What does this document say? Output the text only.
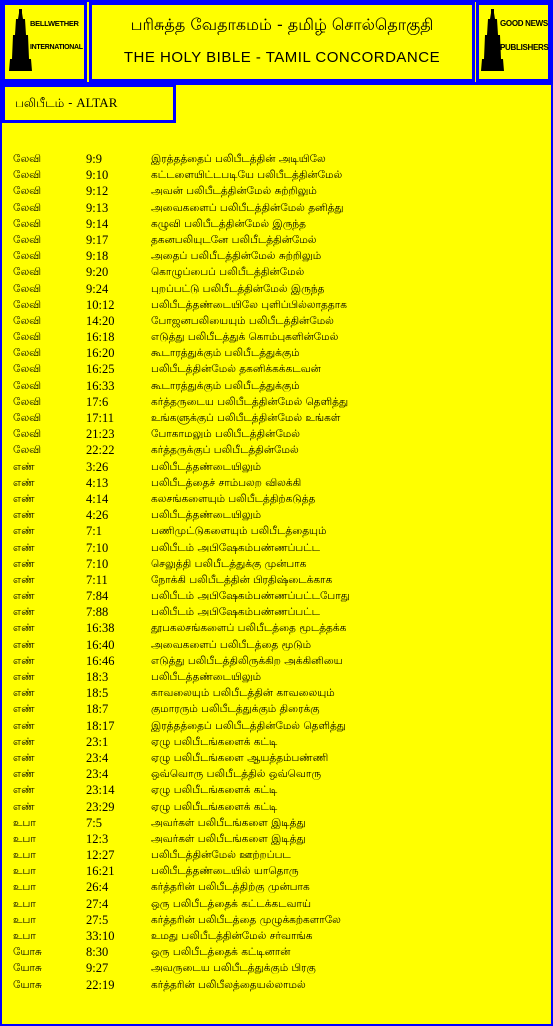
BELLWETHER
INTERNATIONAL
பரிசுத்த வேதாகமம் - தமிழ் சொல்தொகுதி
THE HOLY BIBLE - TAMIL CONCORDANCE
GOOD NEWS
PUBLISHERS
பலிபீடம் - ALTAR
லேவி	9:9	இரத்தத்தைப் பலிபீடத்தின் அடியிலே
லேவி	9:10	கட்டளையிட்டபடியே பலிபீடத்தின்மேல்
லேவி	9:12	அவன் பலிபீடத்தின்மேல் சுற்றிலும்
லேவி	9:13	அவைகளைப் பலிபீடத்தின்மேல் தனித்து
லேவி	9:14	கழுவி பலிபீடத்தின்மேல் இருந்த
லேவி	9:17	தகனபலியுடனே பலிபீடத்தின்மேல்
லேவி	9:18	அதைப் பலிபீடத்தின்மேல் சுற்றிலும்
லேவி	9:20	கொழுப்பைப் பலிபீடத்தின்மேல்
லேவி	9:24	புறப்பட்டு பலிபீடத்தின்மேல் இருந்த
லேவி	10:12	பலிபீடத்தண்டையிலே புளிப்பில்லாததாக
லேவி	14:20	போஜனபலியையும் பலிபீடத்தின்மேல்
லேவி	16:18	எடுத்து பலிபீடத்துக் கொம்புகளின்மேல்
லேவி	16:20	கூடாரத்துக்கும் பலிபீடத்துக்கும்
லேவி	16:25	பலிபீடத்தின்மேல் தகனிக்கக்கடவன்
லேவி	16:33	கூடாரத்துக்கும் பலிபீடத்துக்கும்
லேவி	17:6	கர்த்தருடைய பலிபீடத்தின்மேல் தெளித்து
லேவி	17:11	உங்களுக்குப் பலிபீடத்தின்மேல் உங்கள்
லேவி	21:23	போகாமலும் பலிபீடத்தின்மேல்
லேவி	22:22	கர்த்தருக்குப் பலிபீடத்தின்மேல்
எண்	3:26	பலிபீடத்தண்டையிலும்
எண்	4:13	பலிபீடத்தைச் சாம்பலற விலக்கி
எண்	4:14	கலசங்களையும் பலிபீடத்திற்கடுத்த
எண்	4:26	பலிபீடத்தண்டையிலும்
எண்	7:1	பணிமுட்டுகளையும் பலிபீடத்தையும்
எண்	7:10	பலிபீடம் அபிஷேகம்பண்ணப்பட்ட
எண்	7:10	செலுத்தி பலிபீடத்துக்கு முன்பாக
எண்	7:11	நோக்கி பலிபீடத்தின் பிரதிஷ்டைக்காக
எண்	7:84	பலிபீடம் அபிஷேகம்பண்ணப்பட்டபோது
எண்	7:88	பலிபீடம் அபிஷேகம்பண்ணப்பட்ட
எண்	16:38	தூபகலசங்களைப் பலிபீடத்தை மூடத்தக்க
எண்	16:40	அவைகளைப் பலிபீடத்தை மூடும்
எண்	16:46	எடுத்து பலிபீடத்திலிருக்கிற அக்கினியை
எண்	18:3	பலிபீடத்தண்டையிலும்
எண்	18:5	காவலையும் பலிபீடத்தின் காவலையும்
எண்	18:7	குமாரரும் பலிபீடத்துக்கும் திரைக்கு
எண்	18:17	இரத்தத்தைப் பலிபீடத்தின்மேல் தெளித்து
எண்	23:1	ஏழு பலிபீடங்களைக் கட்டி
எண்	23:4	ஏழு பலிபீடங்களை ஆயத்தம்பண்ணி
எண்	23:4	ஒவ்வொரு பலிபீடத்தில் ஒவ்வொரு
எண்	23:14	ஏழு பலிபீடங்களைக் கட்டி
எண்	23:29	ஏழு பலிபீடங்களைக் கட்டி
உபா	7:5	அவர்கள் பலிபீடங்களை இடித்து
உபா	12:3	அவர்கள் பலிபீடங்களை இடித்து
உபா	12:27	பலிபீடத்தின்மேல் ஊற்றப்பட
உபா	16:21	பலிபீடத்தண்டையில் யாதொரு
உபா	26:4	கர்த்தரின் பலிபீடத்திற்கு முன்பாக
உபா	27:4	ஒரு பலிபீடத்தைக் கட்டக்கடவாய்
உபா	27:5	கர்த்தரின் பலிபீடத்தை முழுக்கற்களாலே
உபா	33:10	உமது பலிபீடத்தின்மேல் சர்வாங்க
யோசு	8:30	ஒரு பலிபீடத்தைக் கட்டினான்
யோசு	9:27	அவருடைய பலிபீடத்துக்கும் பிரகு
யோசு	22:19	கர்த்தரின் பலிபீலத்தையல்லாமல்
